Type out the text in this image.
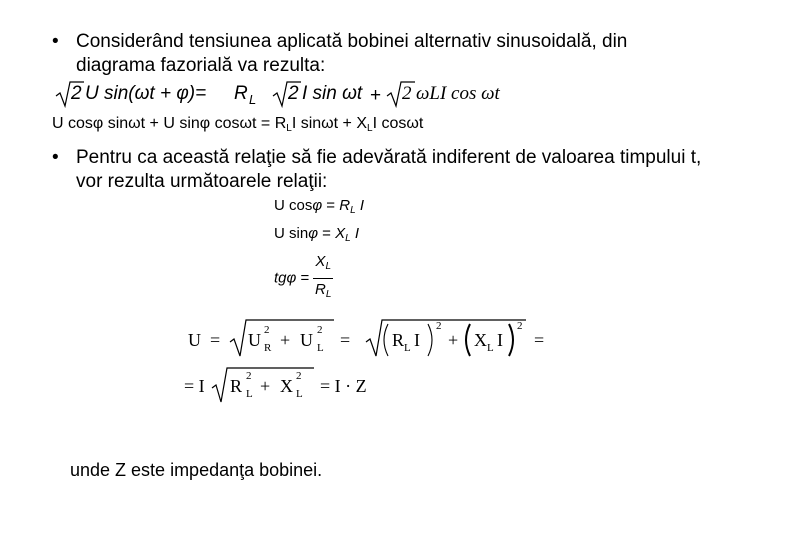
• Considerând tensiunea aplicată bobinei alternativ sinusoidală, din
diagrama fazorială va rezulta:
2 U sin(ωt + φ)= R L 2 I sin ωt + 2 ωLI cos ωt
U cosφ sinωt + U sinφ $\cos\omega t = R_LI$ $\sin\omega t + X_LI$ cosωt
• Pentru ca această relaţie să fie adevărată indiferent de valoarea timpului t,
vor rezulta următoarele relaţii:
U $\cos\varphi = R_L$ I
U $\sin\varphi = X_L$ I
$tg\varphi = \frac{X_L}{R_L}$
U = U 2
R + U 2
L = R L I
2
+ X L I
2
=
= I R 2
L + X 2
L = I · Z
unde Z este impedanţa bobinei.
